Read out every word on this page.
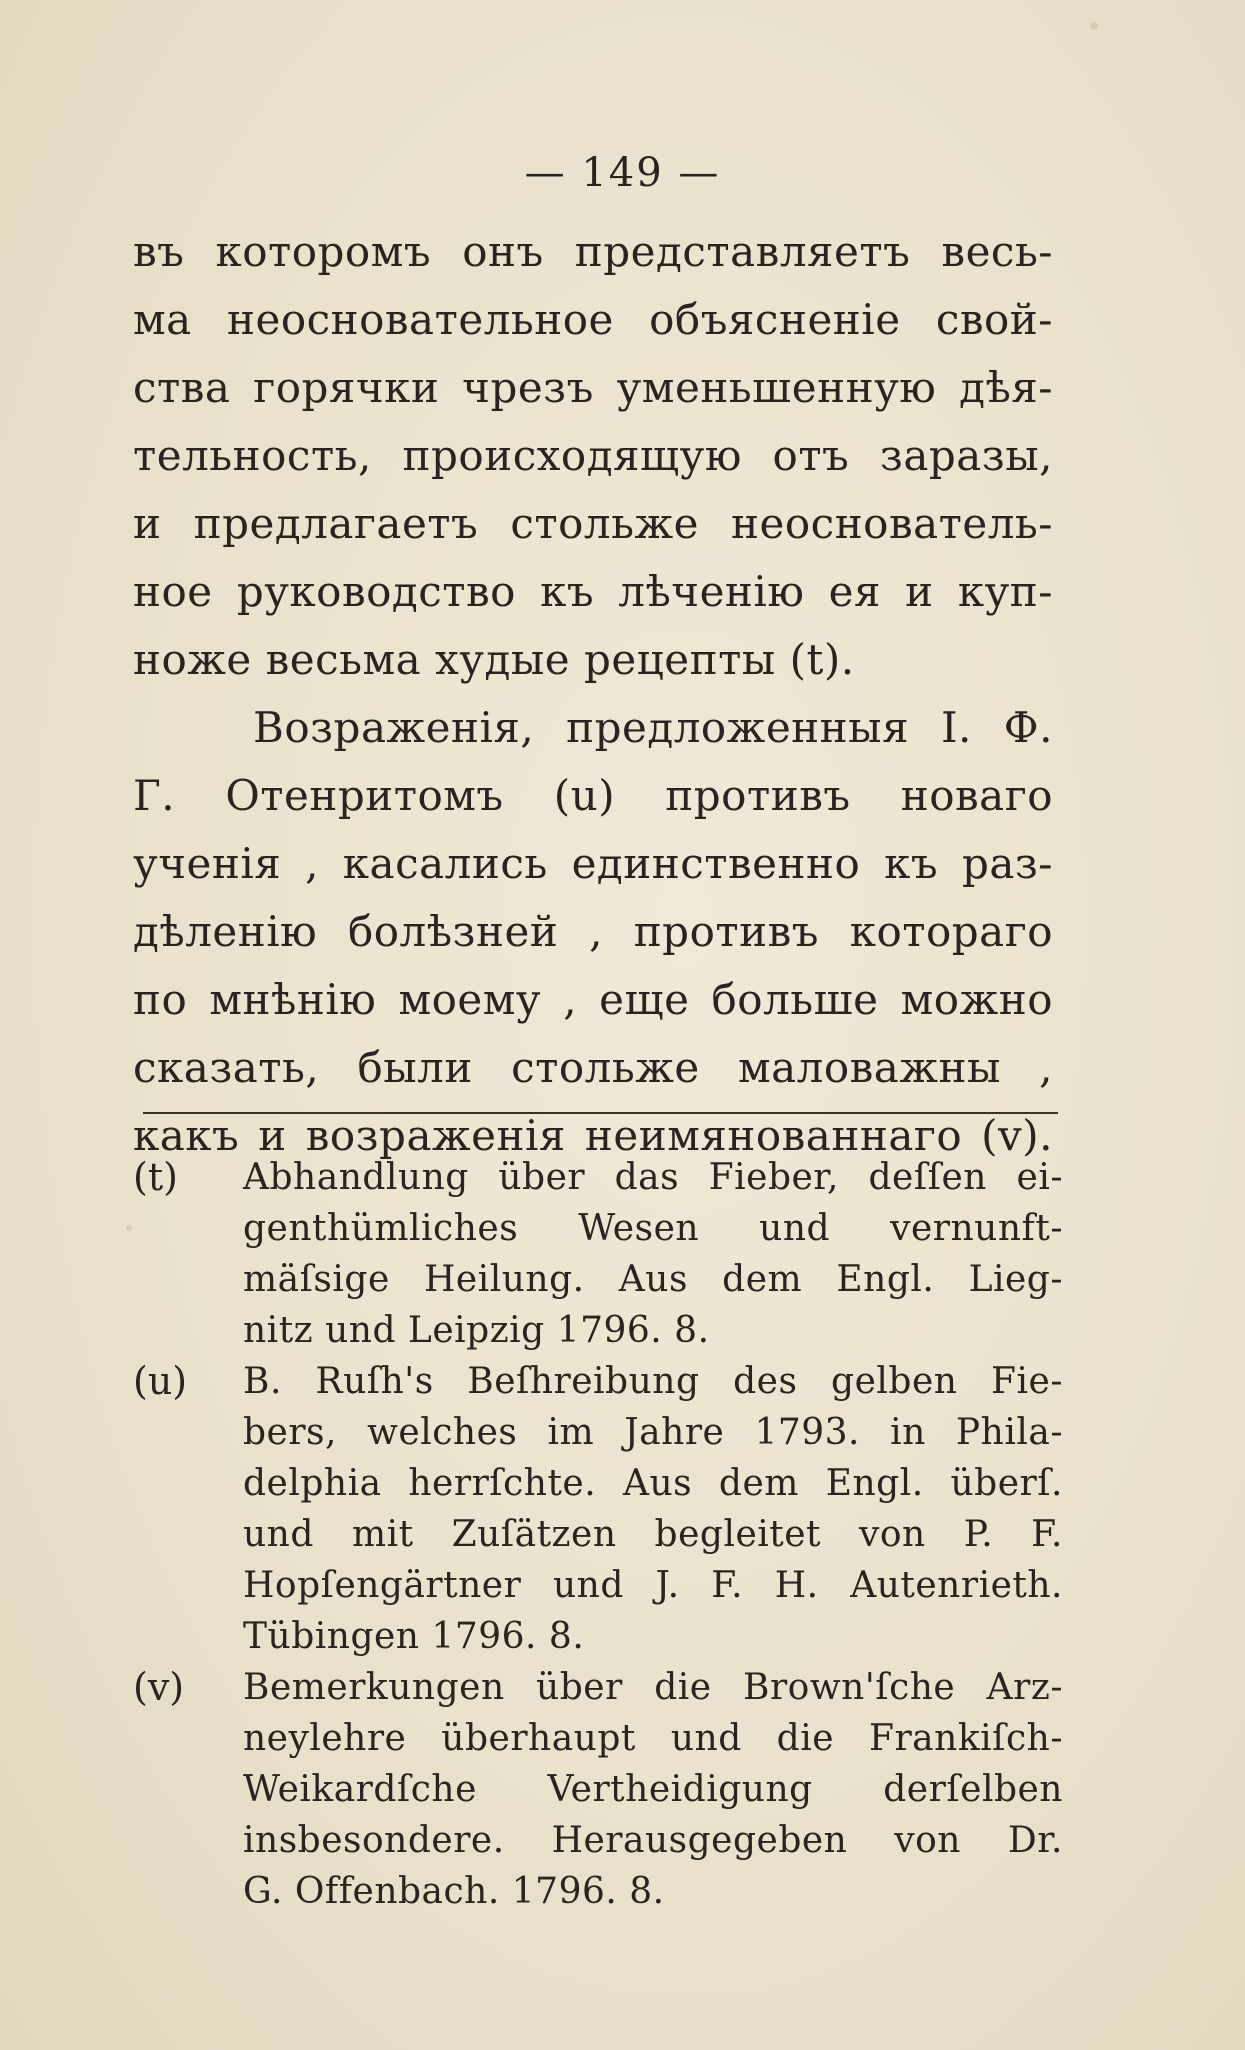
— 149 —
въ которомъ онъ представляетъ весь-
ма неосновательное объясненіе свой-
ства горячки чрезъ уменьшенную дѣя-
тельность, происходящую отъ заразы,
и предлагаетъ стольже неоснователь-
ное руководство къ лѣченію ея и куп-
ноже весьма худые рецепты (t).
Возраженія, предложенныя I. Ф.
Г. Отенритомъ (u) противъ новаго
ученія , касались единственно къ раз-
дѣленію болѣзней , противъ котораго
по мнѣнію моему , еще больше можно
сказать, были стольже маловажны ,
какъ и возраженія неимянованнаго (v).
(t) Abhandlung über das Fieber, deſſen ei-
genthümliches Wesen und vernunft-
mäſsige Heilung. Aus dem Engl. Lieg-
nitz und Leipzig 1796. 8.
(u) B. Ruſh's Beſhreibung des gelben Fie-
bers, welches im Jahre 1793. in Phila-
delphia herrſchte. Aus dem Engl. überſ.
und mit Zuſätzen begleitet von P. F.
Hopſengärtner und J. F. H. Autenrieth.
Tübingen 1796. 8.
(v) Bemerkungen über die Brown'ſche Arz-
neylehre überhaupt und die Frankiſch-
Weikardſche Vertheidigung derſelben
insbesondere. Herausgegeben von Dr.
G. Offenbach. 1796. 8.
